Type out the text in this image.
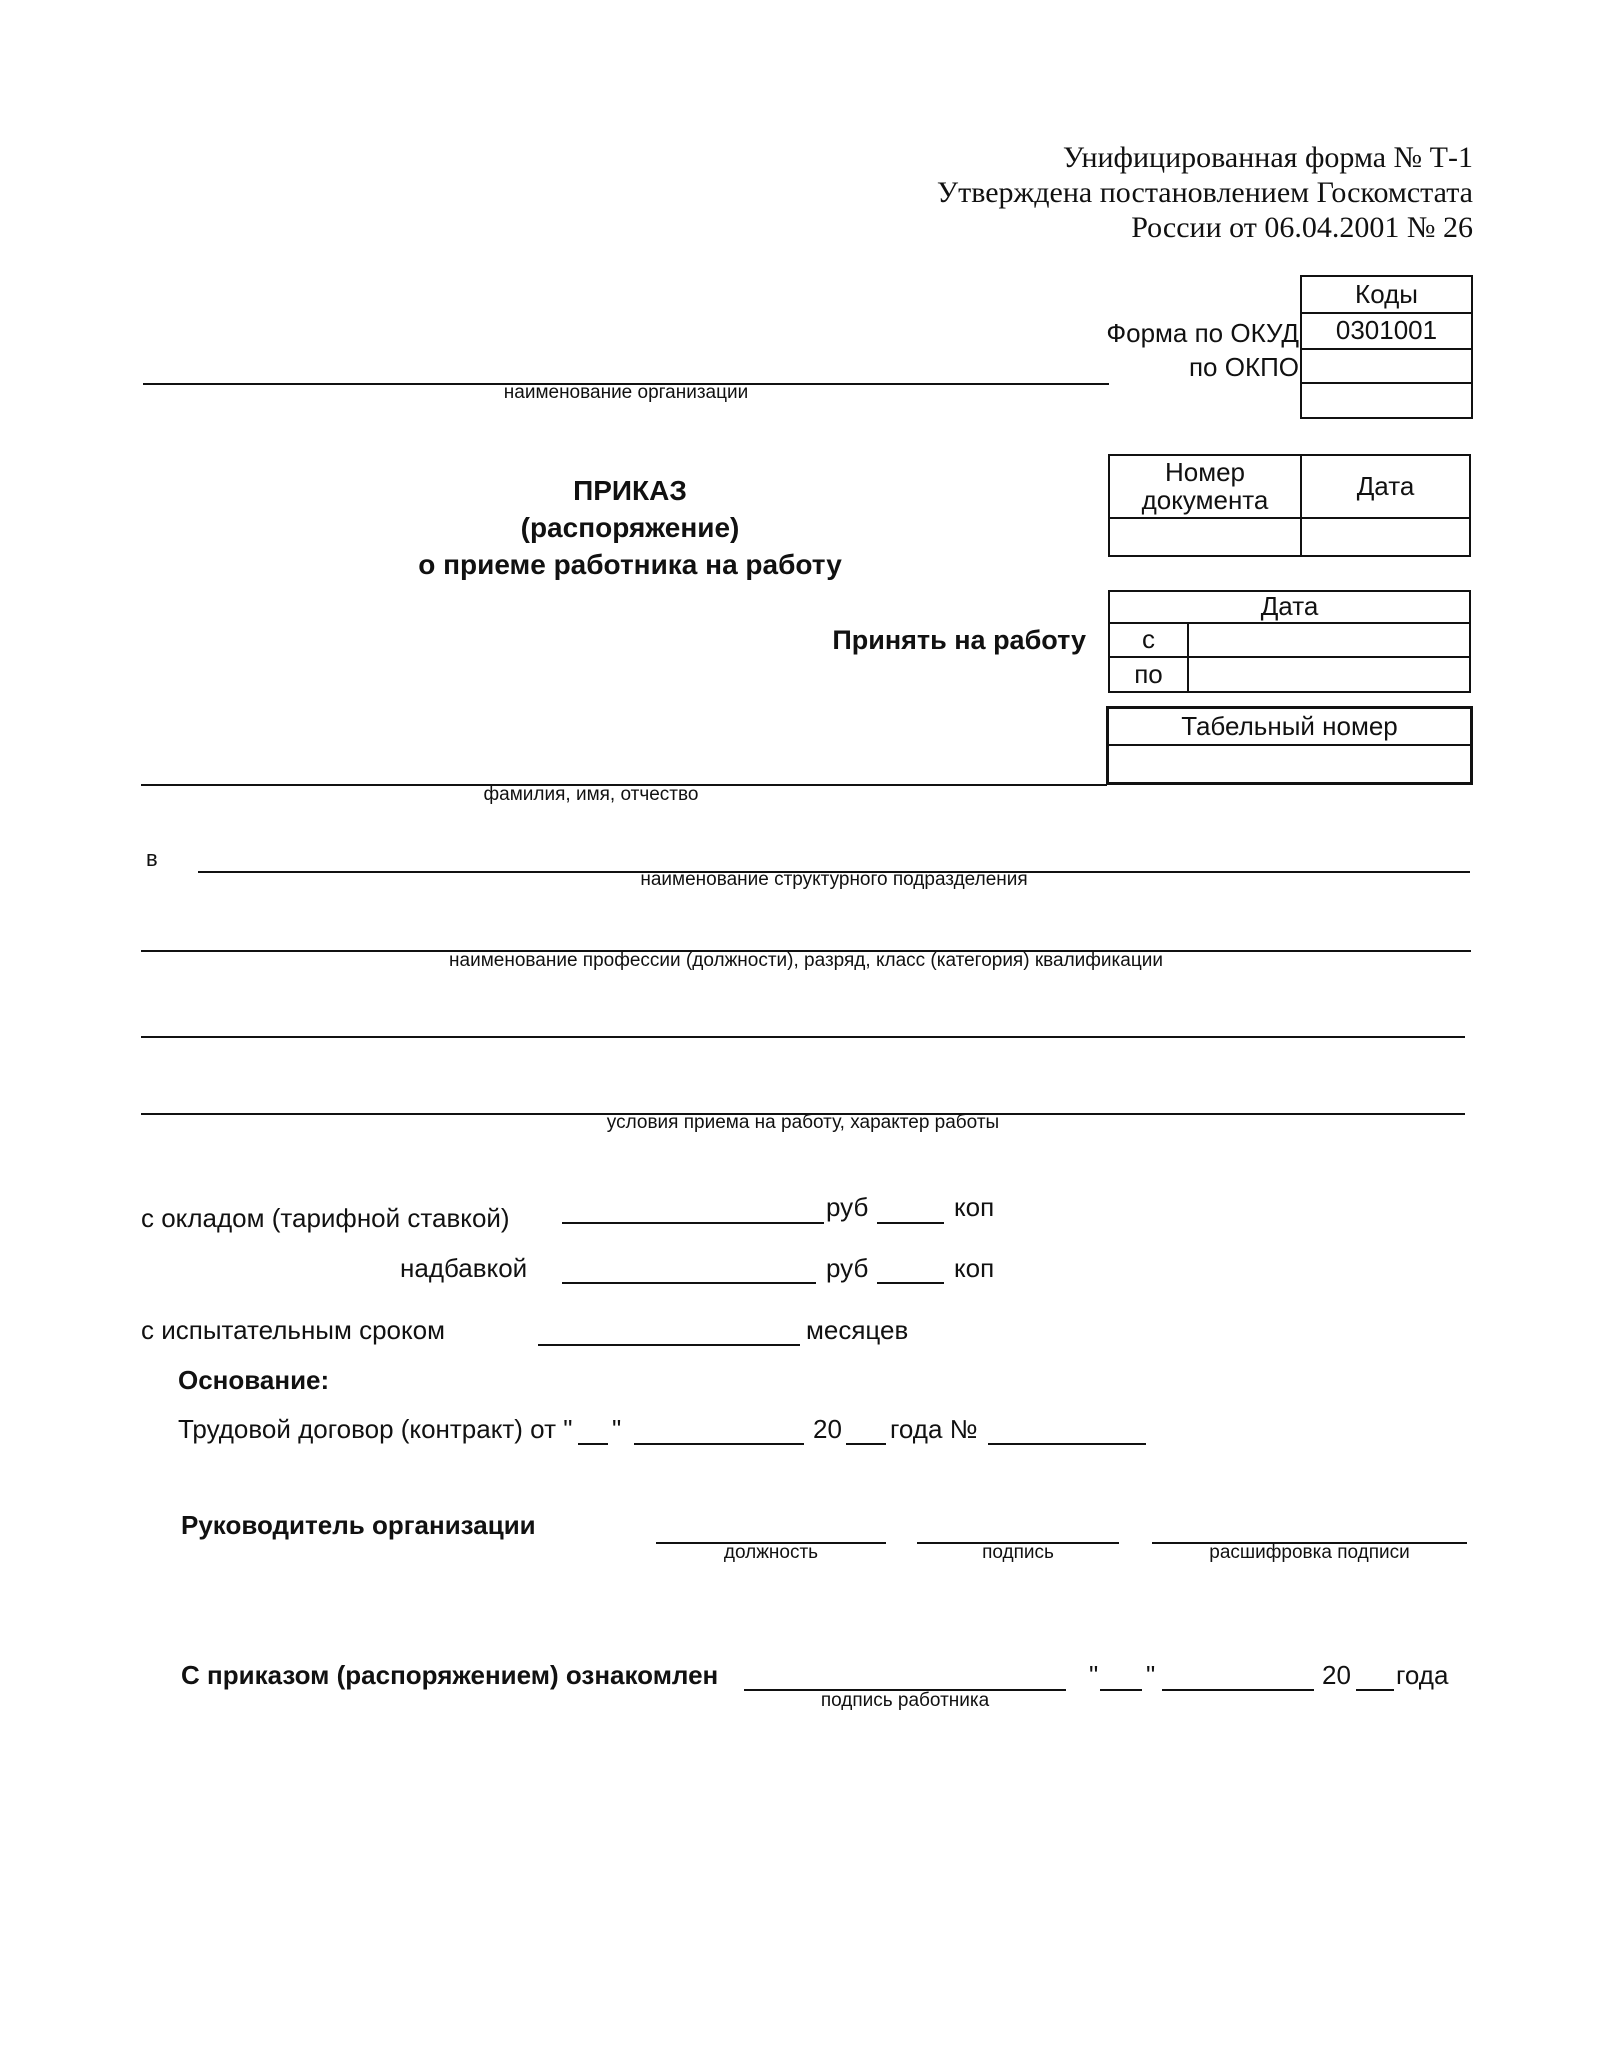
Унифицированная форма № Т-1
Утверждена постановлением Госкомстата
России от 06.04.2001 № 26
Коды
0301001
Форма по ОКУД
по ОКПО
наименование организации
ПРИКАЗ
(распоряжение)
о приеме работника на работу
Номер документа	Дата
Принять на работу
Дата
с
по
Табельный номер
фамилия, имя, отчество
в
наименование структурного подразделения
наименование профессии (должности), разряд, класс (категория) квалификации
условия приема на работу, характер работы
с окладом (тарифной ставкой)	руб	коп
надбавкой	руб	коп
с испытательным сроком	месяцев
Основание:
Трудовой договор (контракт) от " "	20 года №
Руководитель организации
должность	подпись	расшифровка подписи
С приказом (распоряжением) ознакомлен
подпись работника
" "	20 года
